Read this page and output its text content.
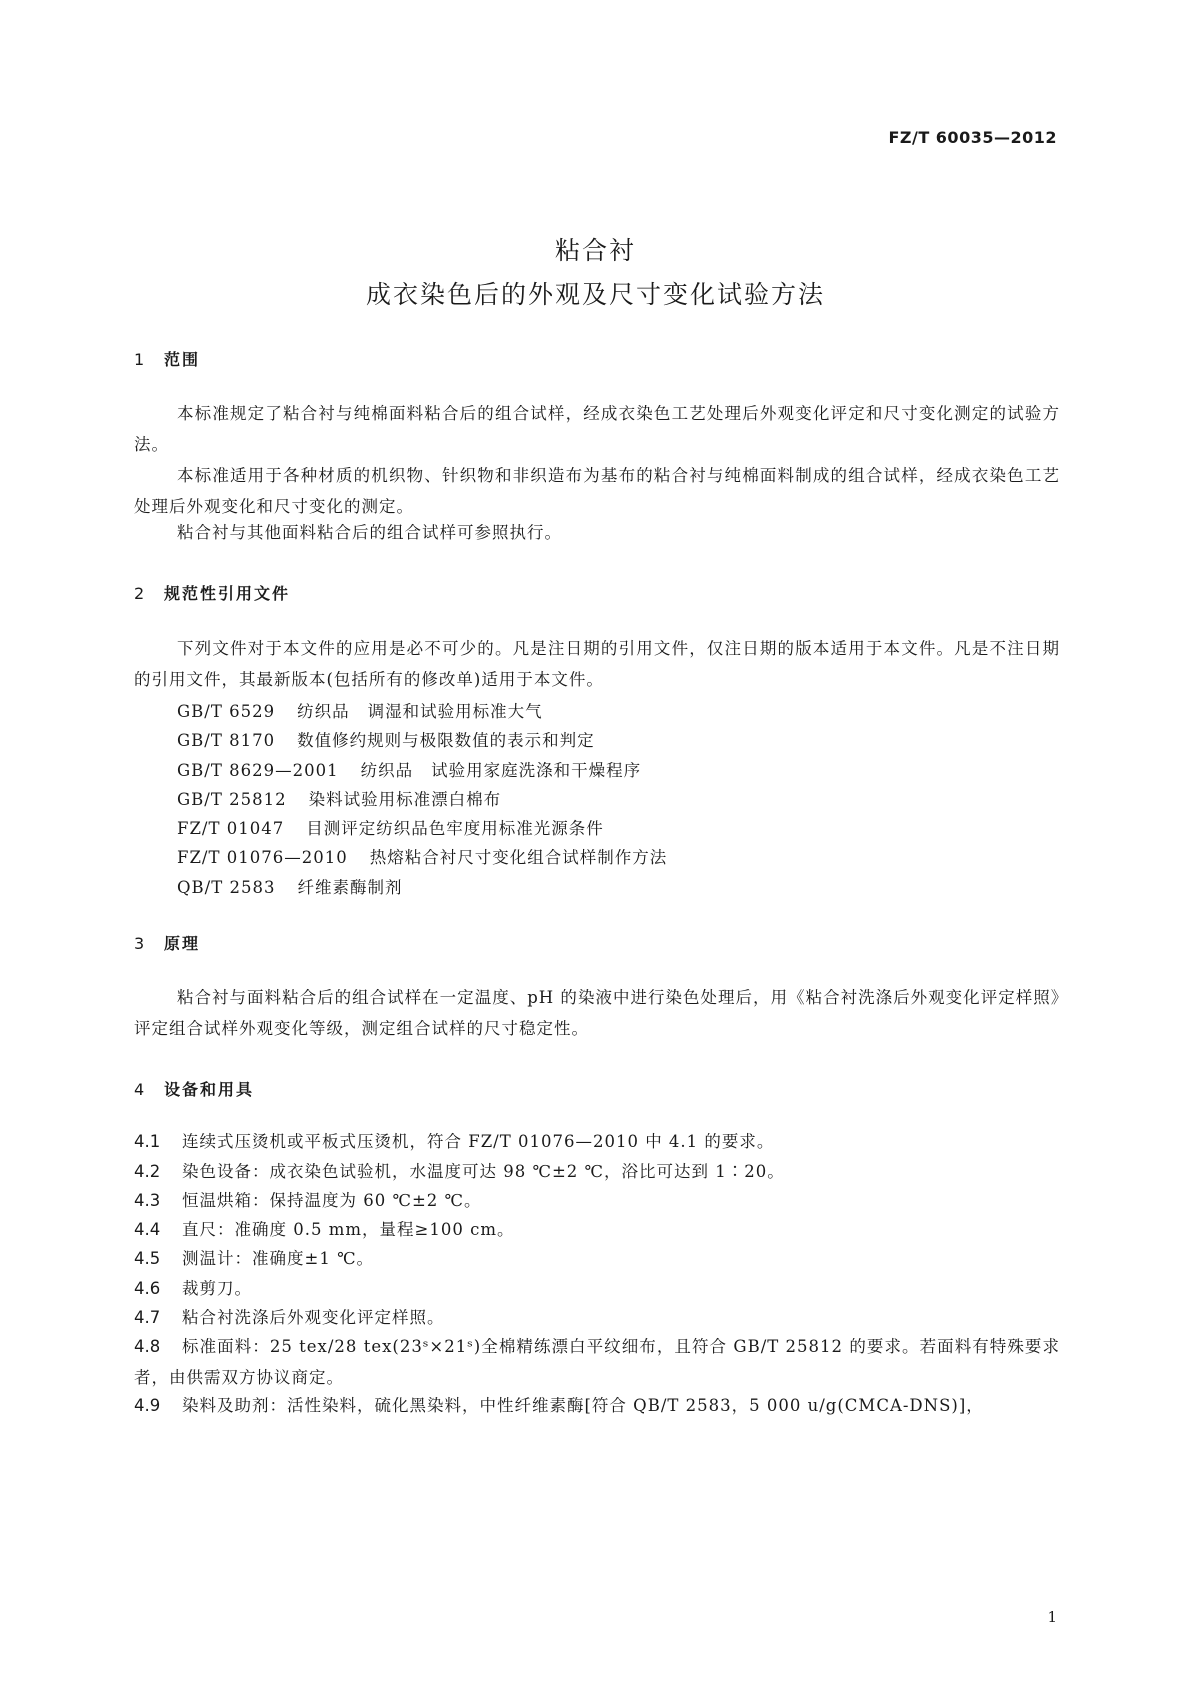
FZ/T 60035—2012
粘合衬
成衣染色后的外观及尺寸变化试验方法
1 范围
本标准规定了粘合衬与纯棉面料粘合后的组合试样，经成衣染色工艺处理后外观变化评定和尺寸变化测定的试验方法。
本标准适用于各种材质的机织物、针织物和非织造布为基布的粘合衬与纯棉面料制成的组合试样，经成衣染色工艺处理后外观变化和尺寸变化的测定。
粘合衬与其他面料粘合后的组合试样可参照执行。
2 规范性引用文件
下列文件对于本文件的应用是必不可少的。凡是注日期的引用文件，仅注日期的版本适用于本文件。凡是不注日期的引用文件，其最新版本(包括所有的修改单)适用于本文件。
GB/T 6529 纺织品 调湿和试验用标准大气
GB/T 8170 数值修约规则与极限数值的表示和判定
GB/T 8629—2001 纺织品 试验用家庭洗涤和干燥程序
GB/T 25812 染料试验用标准漂白棉布
FZ/T 01047 目测评定纺织品色牢度用标准光源条件
FZ/T 01076—2010 热熔粘合衬尺寸变化组合试样制作方法
QB/T 2583 纤维素酶制剂
3 原理
粘合衬与面料粘合后的组合试样在一定温度、pH 的染液中进行染色处理后，用《粘合衬洗涤后外观变化评定样照》评定组合试样外观变化等级，测定组合试样的尺寸稳定性。
4 设备和用具
4.1 连续式压烫机或平板式压烫机，符合 FZ/T 01076—2010 中 4.1 的要求。
4.2 染色设备：成衣染色试验机，水温度可达 98 ℃±2 ℃，浴比可达到 1∶20。
4.3 恒温烘箱：保持温度为 60 ℃±2 ℃。
4.4 直尺：准确度 0.5 mm，量程≥100 cm。
4.5 测温计：准确度±1 ℃。
4.6 裁剪刀。
4.7 粘合衬洗涤后外观变化评定样照。
4.8 标准面料：25 tex/28 tex(23ˢ×21ˢ)全棉精练漂白平纹细布，且符合 GB/T 25812 的要求。若面料有特殊要求者，由供需双方协议商定。
4.9 染料及助剂：活性染料，硫化黑染料，中性纤维素酶[符合 QB/T 2583，5 000 u/g(CMCA-DNS)]，
1
